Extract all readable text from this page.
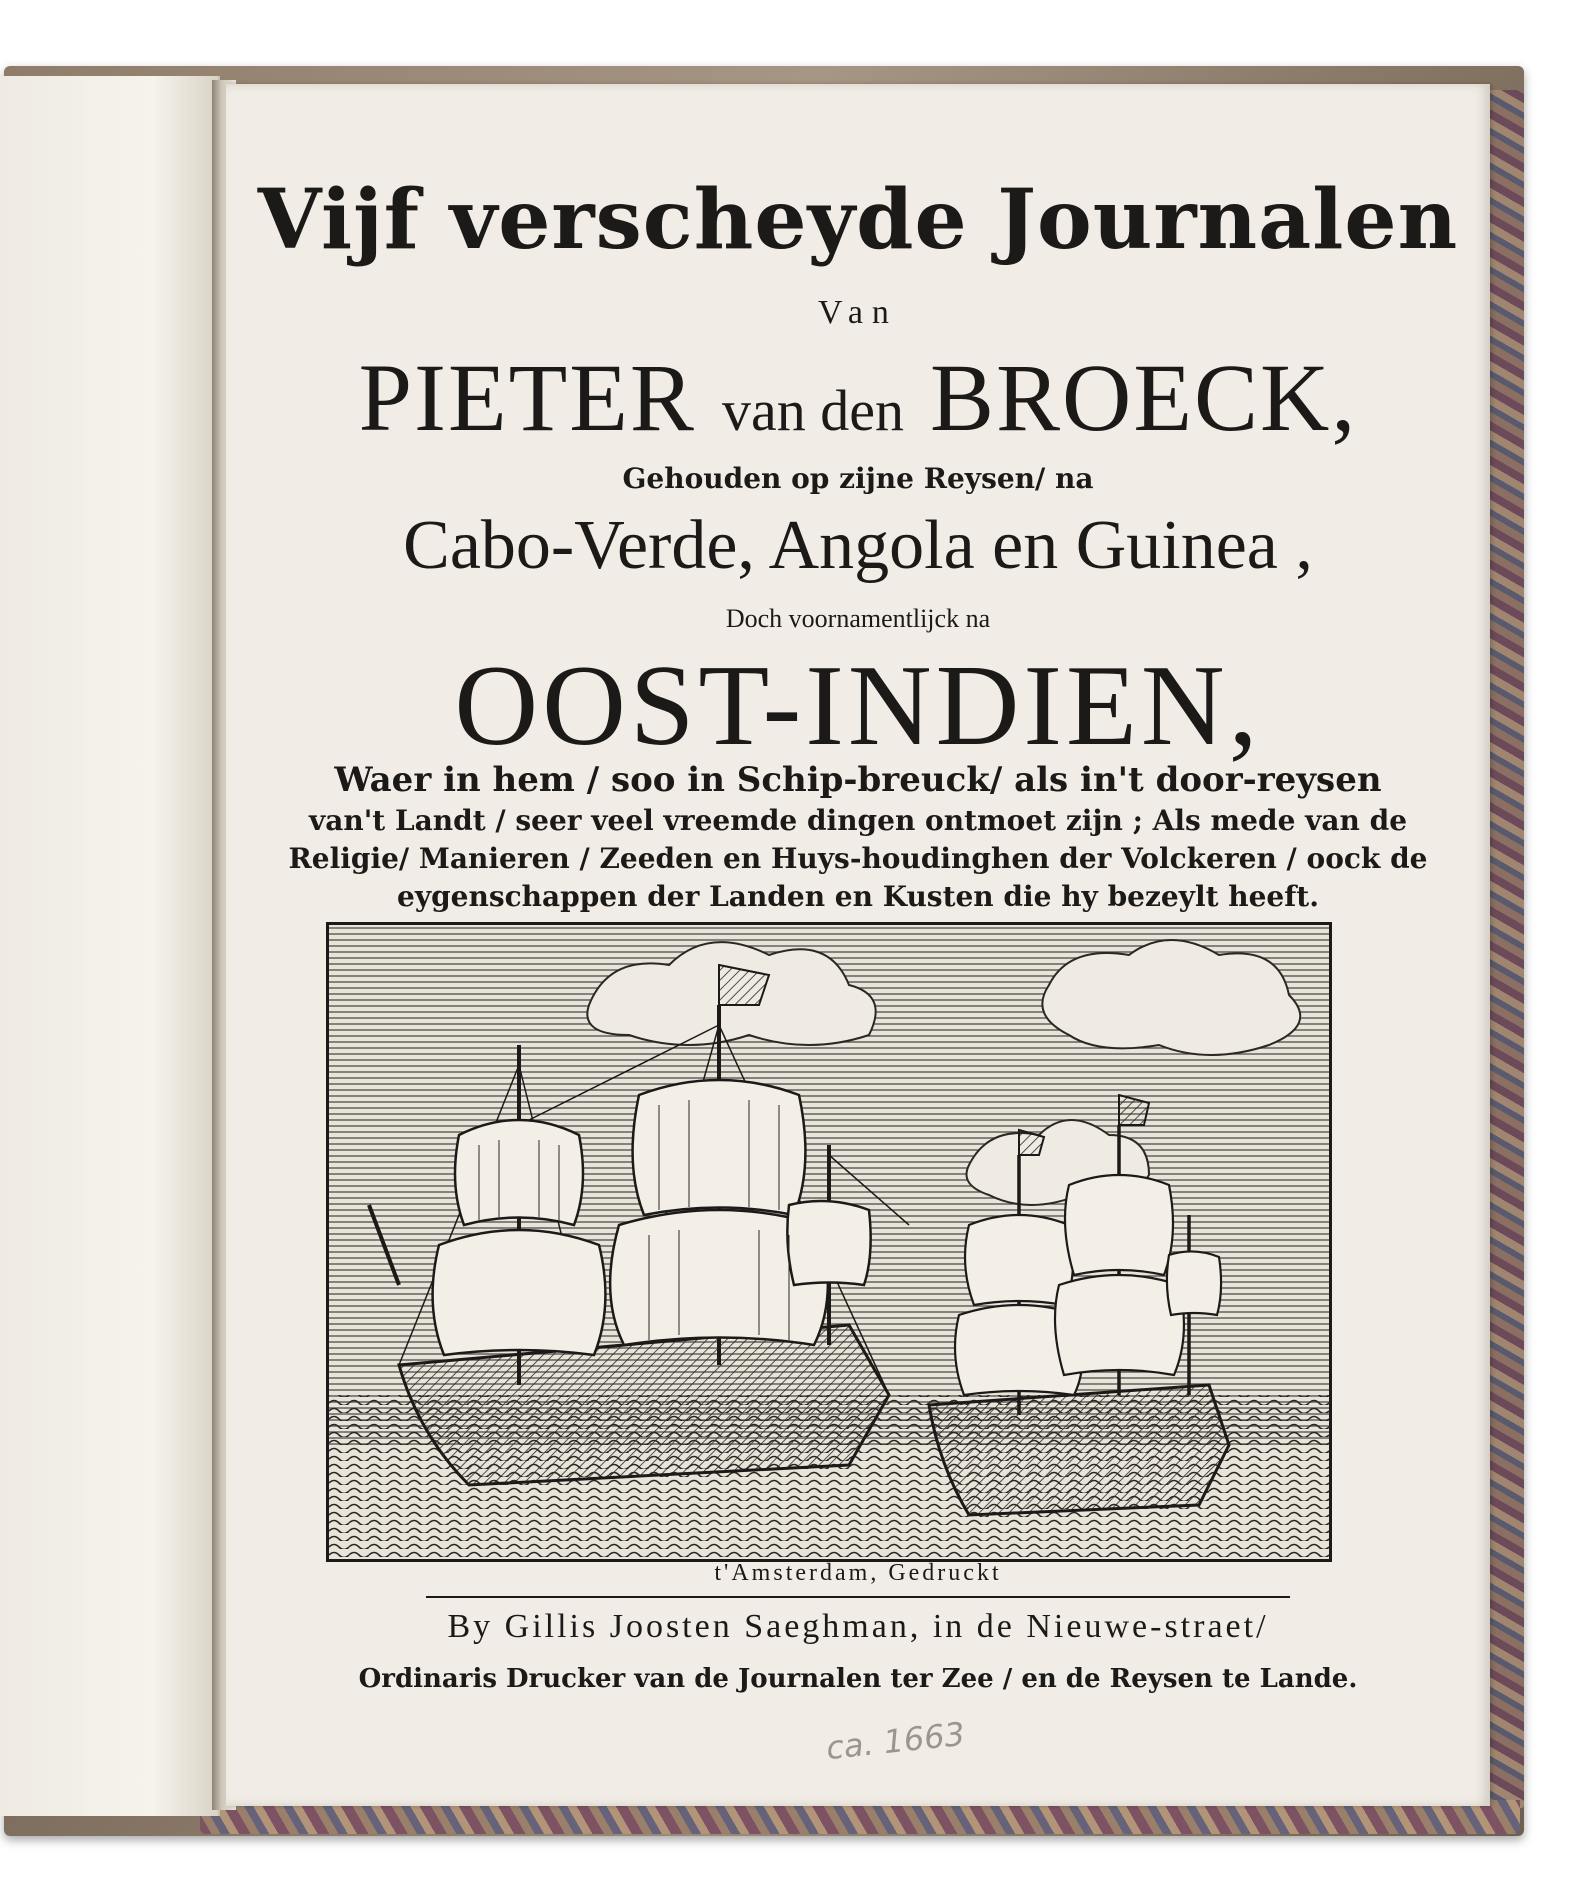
Vijf verscheyde Journalen
Van
PIETER van den BROECK,
Gehouden op zijne Reysen/ na
Cabo-Verde, Angola en Guinea ,
Doch voornamentlijck na
OOST-INDIEN,
Waer in hem / soo in Schip-breuck/ als in't door-reysen
van't Landt / seer veel vreemde dingen ontmoet zijn ; Als mede van de
Religie/ Manieren / Zeeden en Huys-houdinghen der Volckeren / oock de
eygenschappen der Landen en Kusten die hy bezeylt heeft.
t'Amsterdam, Gedruckt
By Gillis Joosten Saeghman, in de Nieuwe-straet/
Ordinaris Drucker van de Journalen ter Zee / en de Reysen te Lande.
ca. 1663
